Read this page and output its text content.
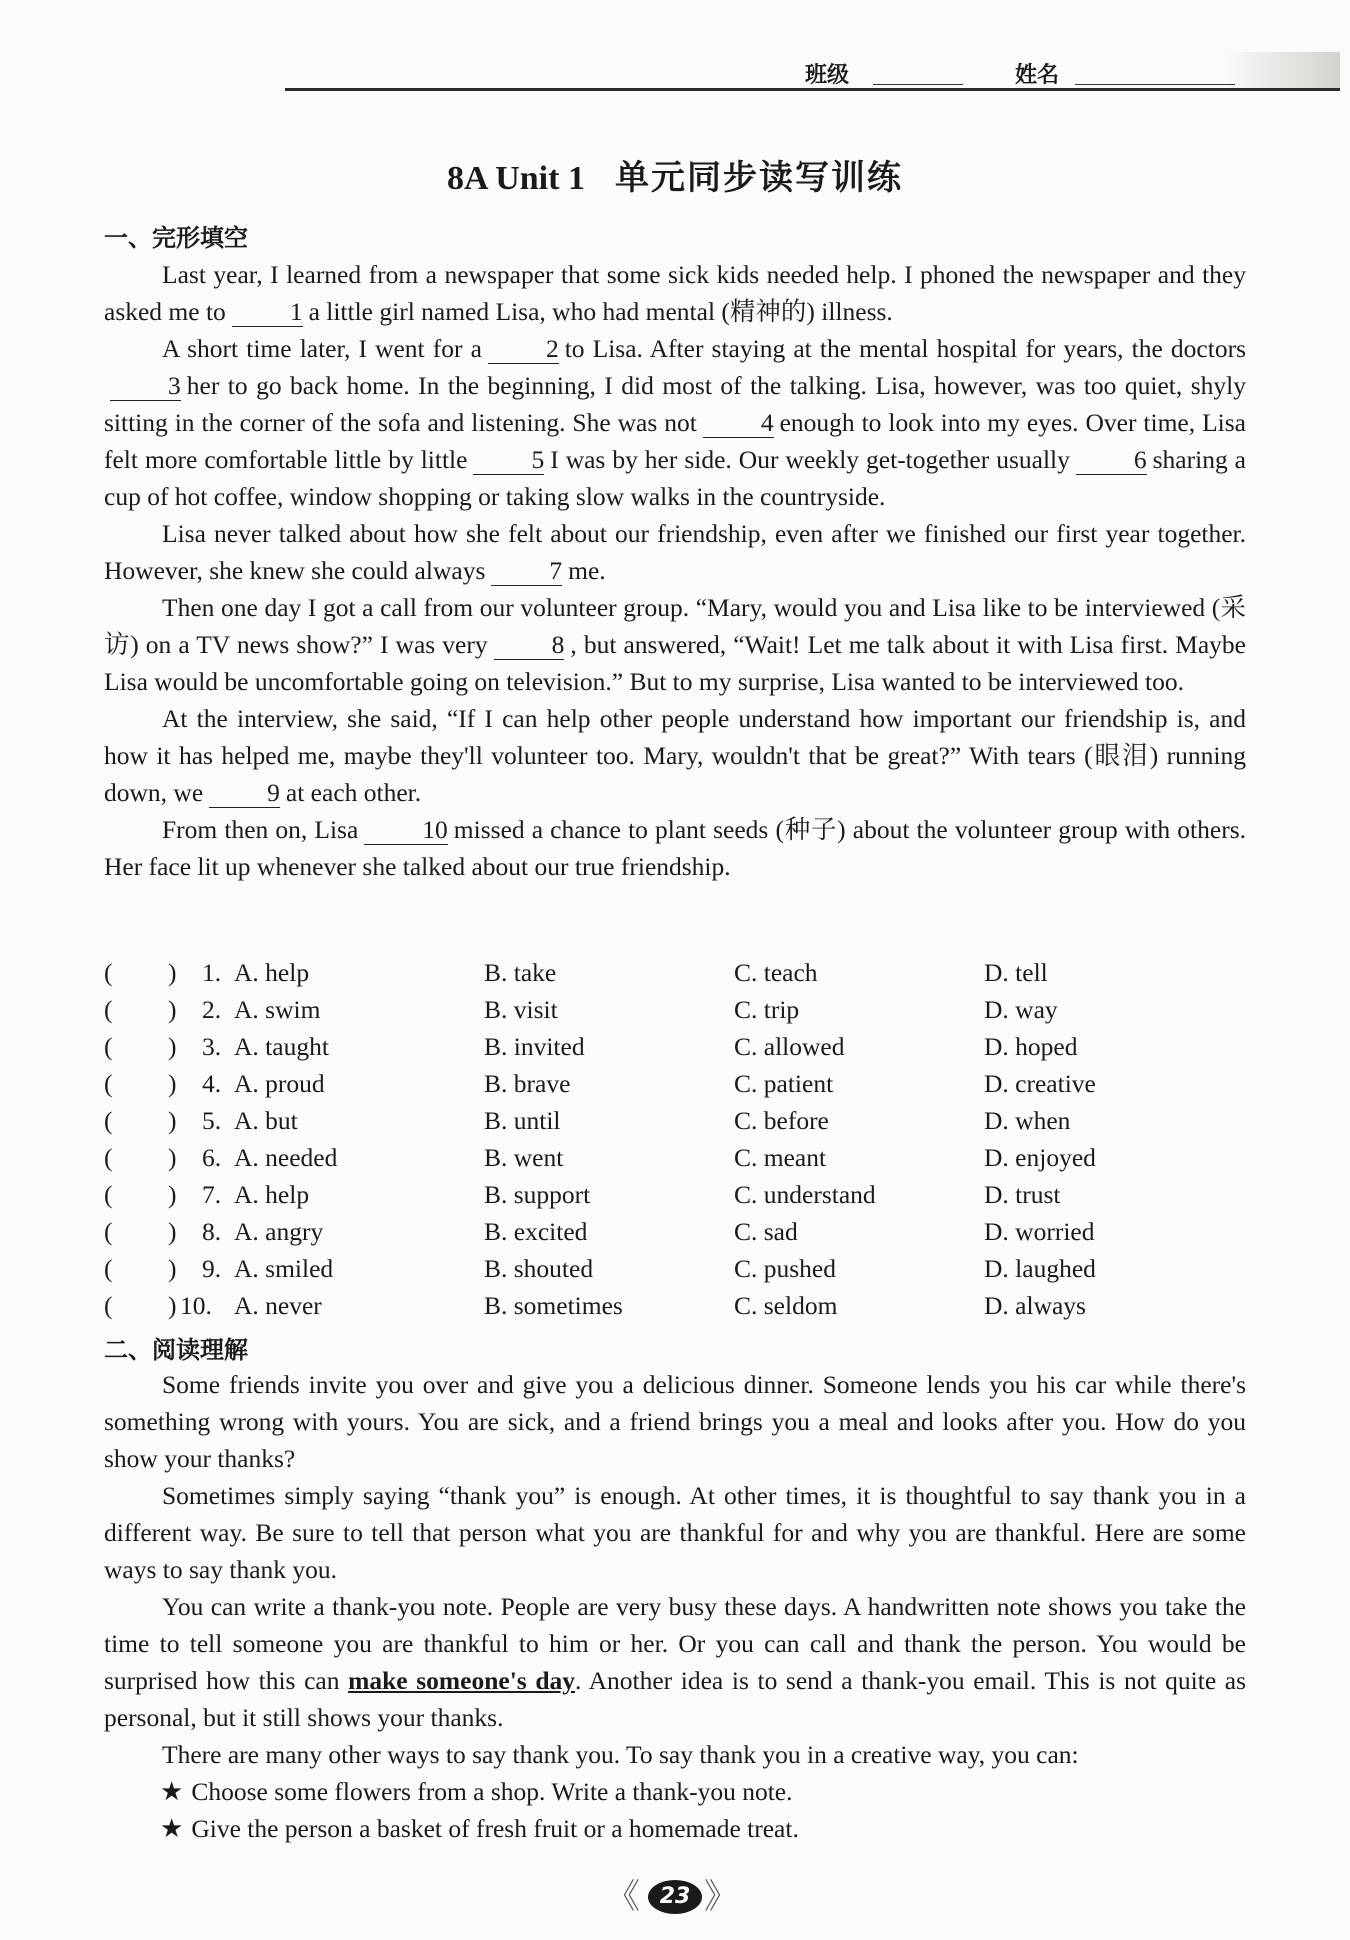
班级	姓名
8A Unit 1 单元同步读写训练
一、完形填空

Last year, I learned from a newspaper that some sick kids needed help. I phoned the newspaper and they asked me to	1 a little girl named Lisa, who had mental (精神的) illness.

A short time later, I went for a	2 to Lisa. After staying at the mental hospital for years, the doctors3 her to go back home. In the beginning, I did most of the talking. Lisa, however, was too quiet, shyly sitting in the corner of the sofa and listening. She was not	4 enough to look into my eyes. Over time, Lisa felt more comfortable little by little	5 I was by her side. Our weekly get-together usually	6 sharing a cup of hot coffee, window shopping or taking slow walks in the countryside.

Lisa never talked about how she felt about our friendship, even after we finished our first year together. However, she knew she could always	7 me.

Then one day I got a call from our volunteer group. “Mary, would you and Lisa like to be interviewed (采访) on a TV news show?” I was very	8 , but answered, “Wait! Let me talk about it with Lisa first. Maybe Lisa would be uncomfortable going on television.” But to my surprise, Lisa wanted to be interviewed too.

At the interview, she said, “If I can help other people understand how important our friendship is, and how it has helped me, maybe they'll volunteer too. Mary, wouldn't that be great?” With tears (眼泪) running down, we	9 at each other.

From then on, Lisa	10 missed a chance to plant seeds (种子) about the volunteer group with others. Her face lit up whenever she talked about our true friendship.

( ) 1. A. help	B. take	C. teach	D. tell
( ) 2. A. swim	B. visit	C. trip	D. way
( ) 3. A. taught	B. invited	C. allowed	D. hoped
( ) 4. A. proud	B. brave	C. patient	D. creative
( ) 5. A. but	B. until	C. before	D. when
( ) 6. A. needed	B. went	C. meant	D. enjoyed
( ) 7. A. help	B. support	C. understand	D. trust
( ) 8. A. angry	B. excited	C. sad	D. worried
( ) 9. A. smiled	B. shouted	C. pushed	D. laughed
( ) 10. A. never	B. sometimes	C. seldom	D. always
二、阅读理解

Some friends invite you over and give you a delicious dinner. Someone lends you his car while there's something wrong with yours. You are sick, and a friend brings you a meal and looks after you. How do you show your thanks?

Sometimes simply saying “thank you” is enough. At other times, it is thoughtful to say thank you in a different way. Be sure to tell that person what you are thankful for and why you are thankful. Here are some ways to say thank you.

You can write a thank-you note. People are very busy these days. A handwritten note shows you take the time to tell someone you are thankful to him or her. Or you can call and thank the person. You would be surprised how this can make someone's day. Another idea is to send a thank-you email. This is not quite as personal, but it still shows your thanks.

There are many other ways to say thank you. To say thank you in a creative way, you can:

★ Choose some flowers from a shop. Write a thank-you note.
★ Give the person a basket of fresh fruit or a homemade treat.
《 23 》
